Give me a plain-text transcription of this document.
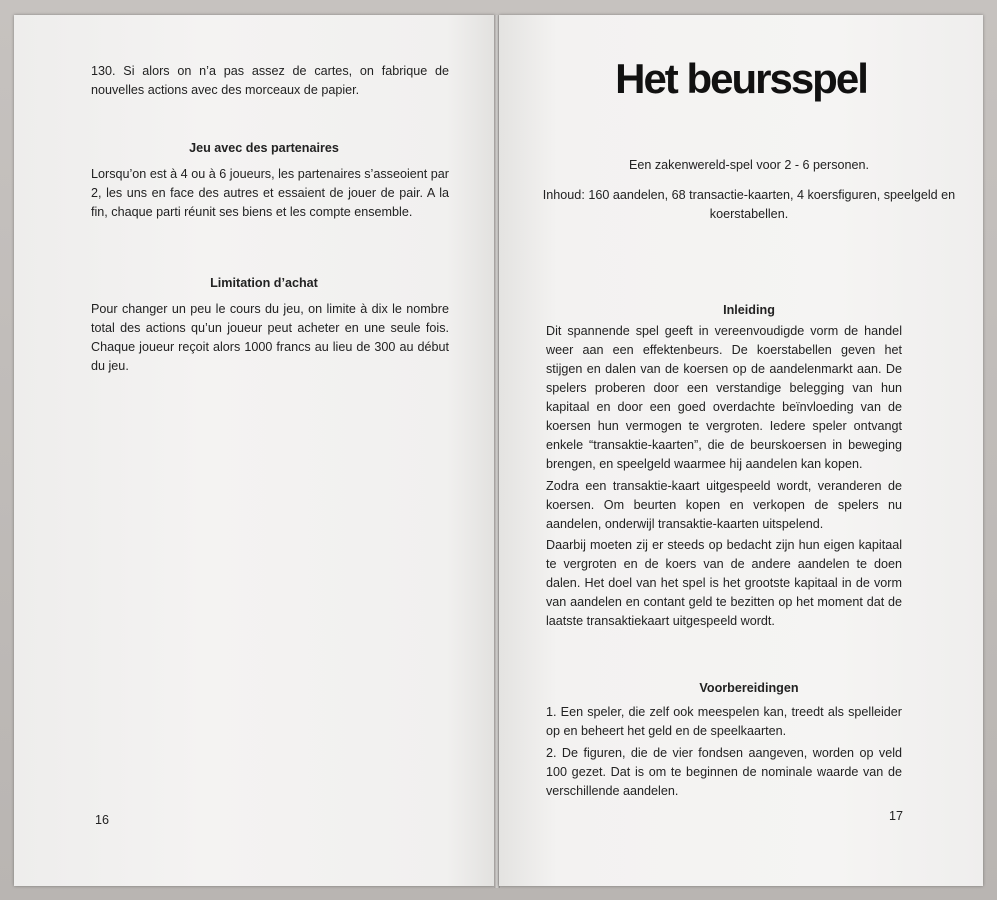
130. Si alors on n’a pas assez de cartes, on fabrique de nouvelles actions avec des morceaux de papier.

Jeu avec des partenaires

Lorsqu’on est à 4 ou à 6 joueurs, les partenaires s’asseoient par 2, les uns en face des autres et essaient de jouer de pair. A la fin, chaque parti réunit ses biens et les compte ensemble.

Limitation d’achat

Pour changer un peu le cours du jeu, on limite à dix le nombre total des actions qu’un joueur peut acheter en une seule fois. Chaque joueur reçoit alors 1000 francs au lieu de 300 au début du jeu.

16
Het beursspel

Een zakenwereld-spel voor 2 - 6 personen.

Inhoud: 160 aandelen, 68 transactie-kaarten, 4 koersfiguren, speelgeld en koerstabellen.

Inleiding

Dit spannende spel geeft in vereenvoudigde vorm de handel weer aan een effektenbeurs. De koerstabellen geven het stijgen en dalen van de koersen op de aandelenmarkt aan. De spelers proberen door een verstandige belegging van hun kapitaal en door een goed overdachte beïnvloeding van de koersen hun vermogen te vergroten. Iedere speler ontvangt enkele “transaktie-kaarten”, die de beurskoersen in beweging brengen, en speelgeld waarmee hij aandelen kan kopen.

Zodra een transaktie-kaart uitgespeeld wordt, veranderen de koersen. Om beurten kopen en verkopen de spelers nu aandelen, onderwijl transaktie-kaarten uitspelend.

Daarbij moeten zij er steeds op bedacht zijn hun eigen kapitaal te vergroten en de koers van de andere aandelen te doen dalen. Het doel van het spel is het grootste kapitaal in de vorm van aandelen en contant geld te bezitten op het moment dat de laatste transaktiekaart uitgespeeld wordt.

Voorbereidingen

1. Een speler, die zelf ook meespelen kan, treedt als spelleider op en beheert het geld en de speelkaarten.

2. De figuren, die de vier fondsen aangeven, worden op veld 100 gezet. Dat is om te beginnen de nominale waarde van de verschillende aandelen.

17
